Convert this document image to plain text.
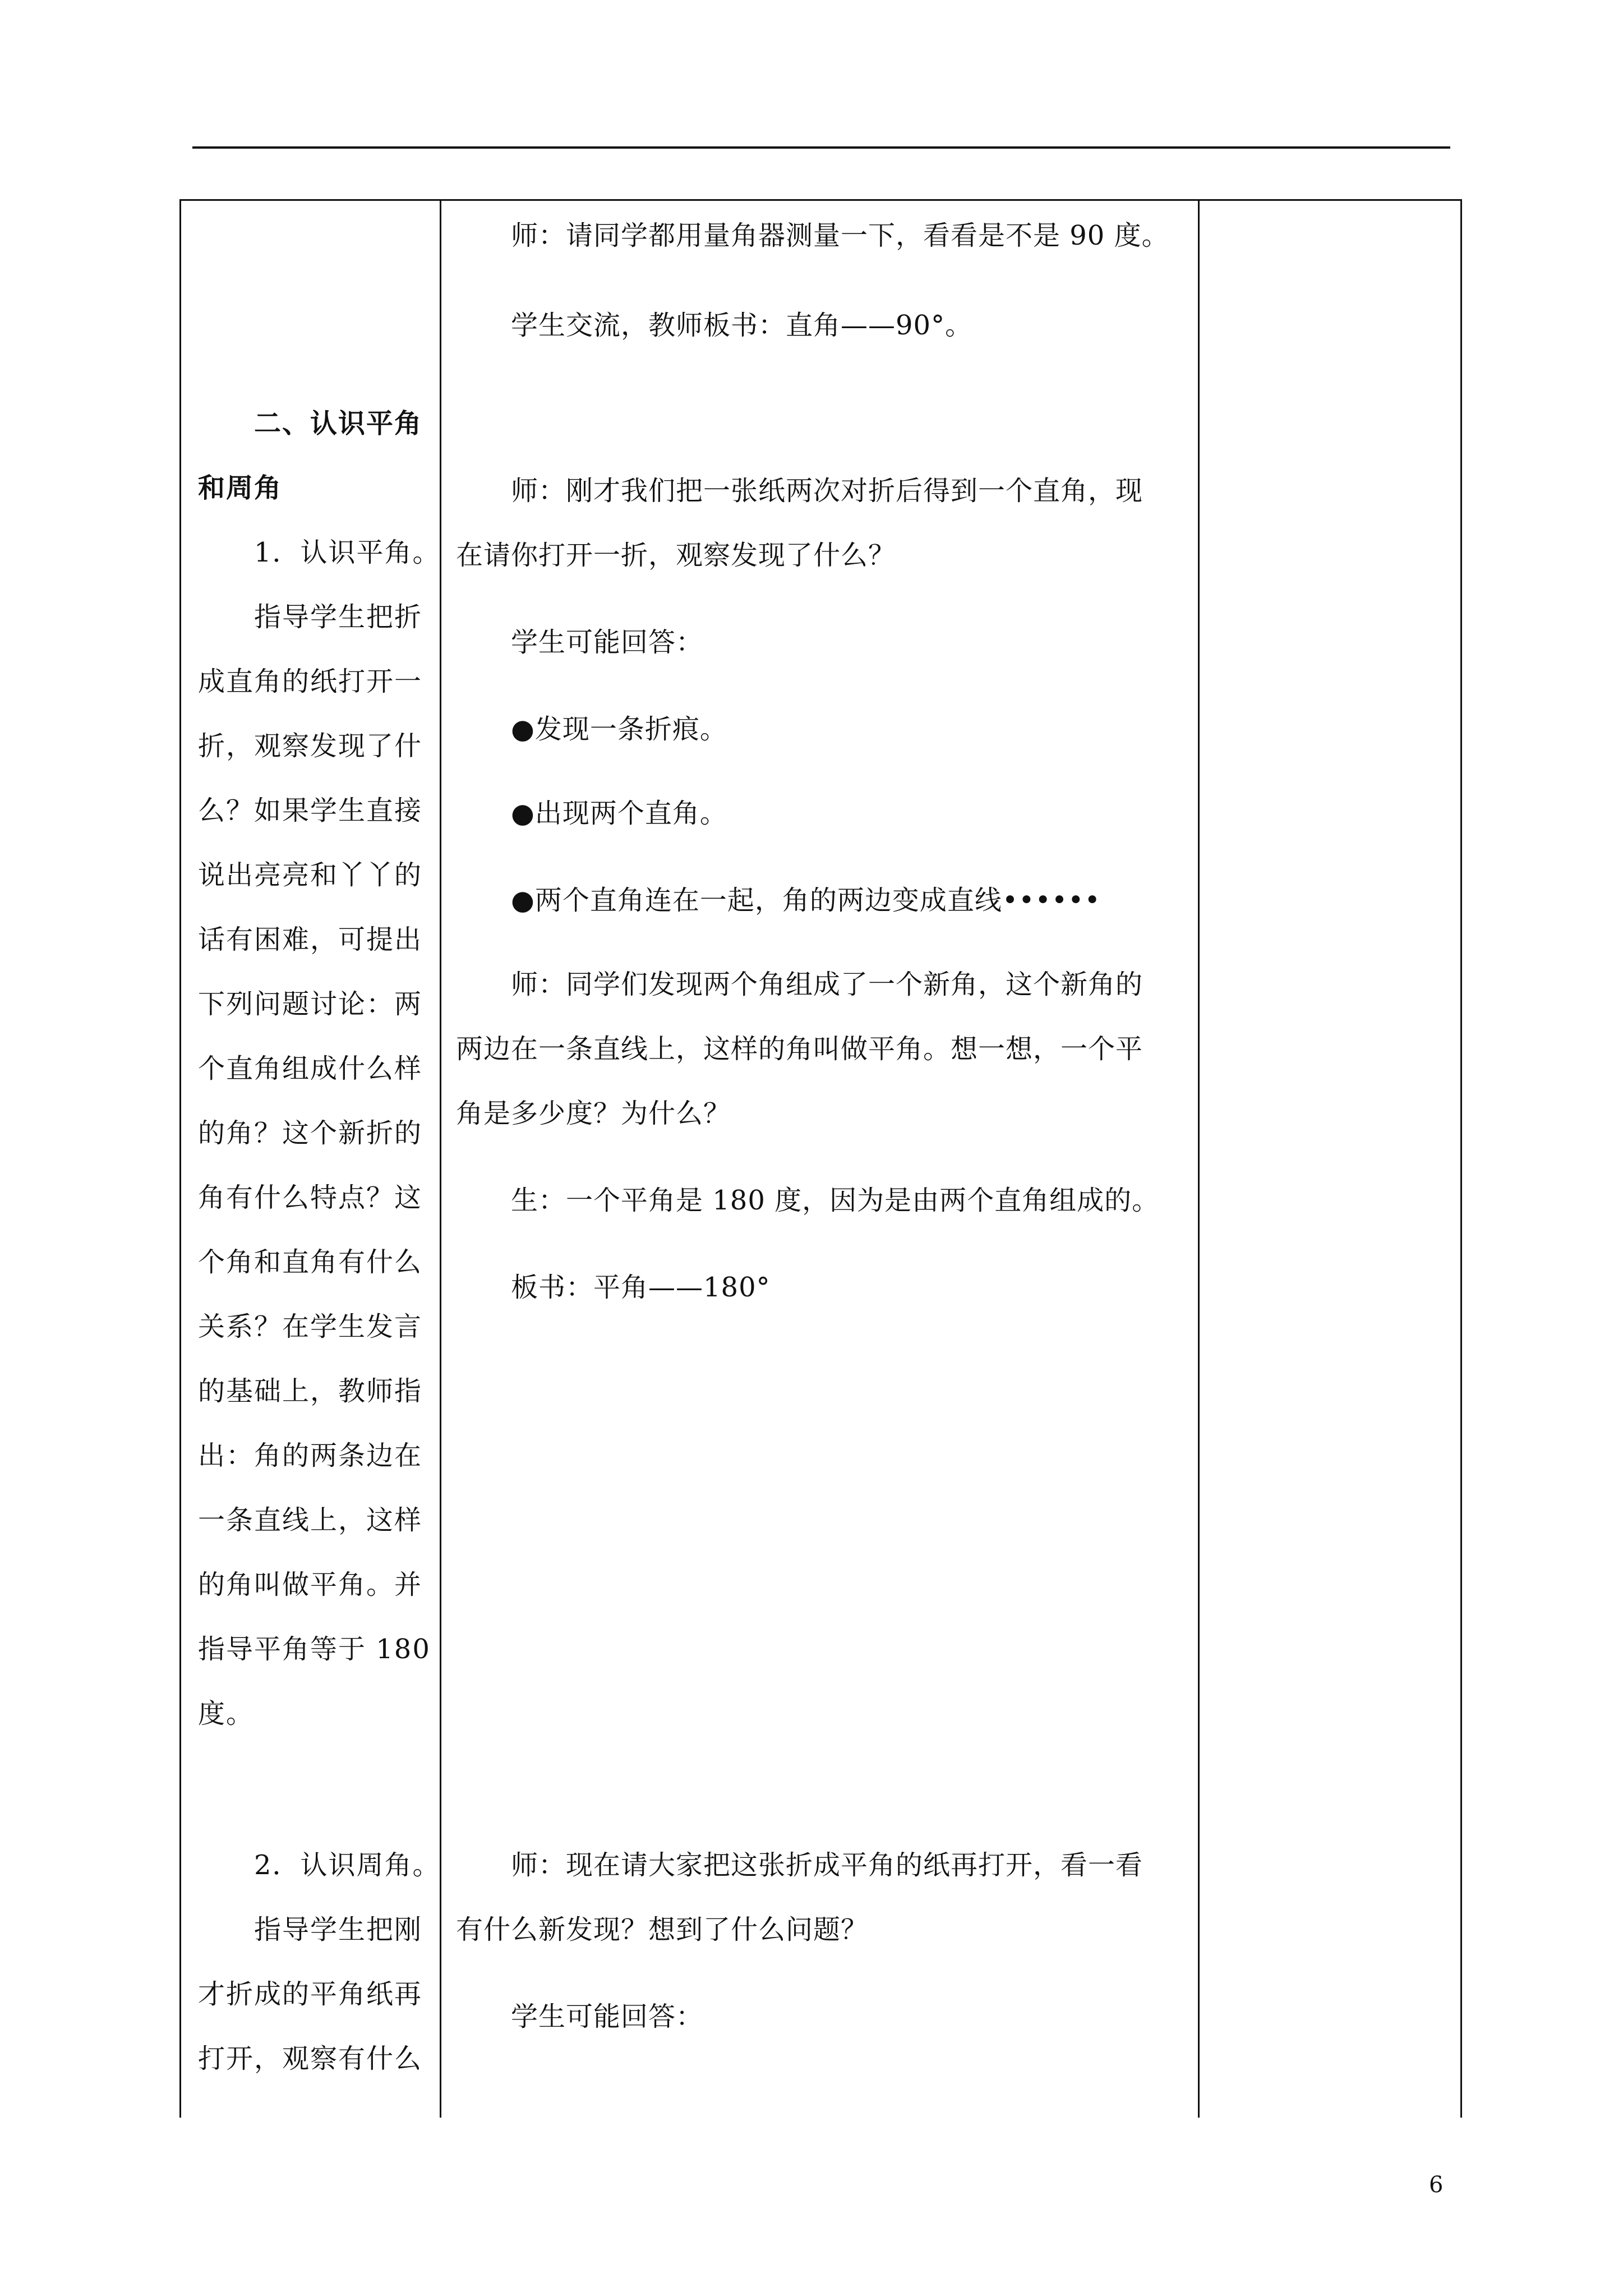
　　二、认识平角
和周角
　　1．认识平角。
　　指导学生把折
成直角的纸打开一
折，观察发现了什
么？如果学生直接
说出亮亮和丫丫的
话有困难，可提出
下列问题讨论：两
个直角组成什么样
的角？这个新折的
角有什么特点？这
个角和直角有什么
关系？在学生发言
的基础上，教师指
出：角的两条边在
一条直线上，这样
的角叫做平角。并
指导平角等于 180
度。
　　2．认识周角。
　　指导学生把刚
才折成的平角纸再
打开，观察有什么
　　师：请同学都用量角器测量一下，看看是不是 90 度。
　　学生交流，教师板书：直角——90°。
　　师：刚才我们把一张纸两次对折后得到一个直角，现
在请你打开一折，观察发现了什么？
　　学生可能回答：
　　●发现一条折痕。
　　●出现两个直角。
　　●两个直角连在一起，角的两边变成直线••••••
　　师：同学们发现两个角组成了一个新角，这个新角的
两边在一条直线上，这样的角叫做平角。想一想，一个平
角是多少度？为什么？
　　生：一个平角是 180 度，因为是由两个直角组成的。
　　板书：平角——180°
　　师：现在请大家把这张折成平角的纸再打开，看一看
有什么新发现？想到了什么问题？
　　学生可能回答：
6
